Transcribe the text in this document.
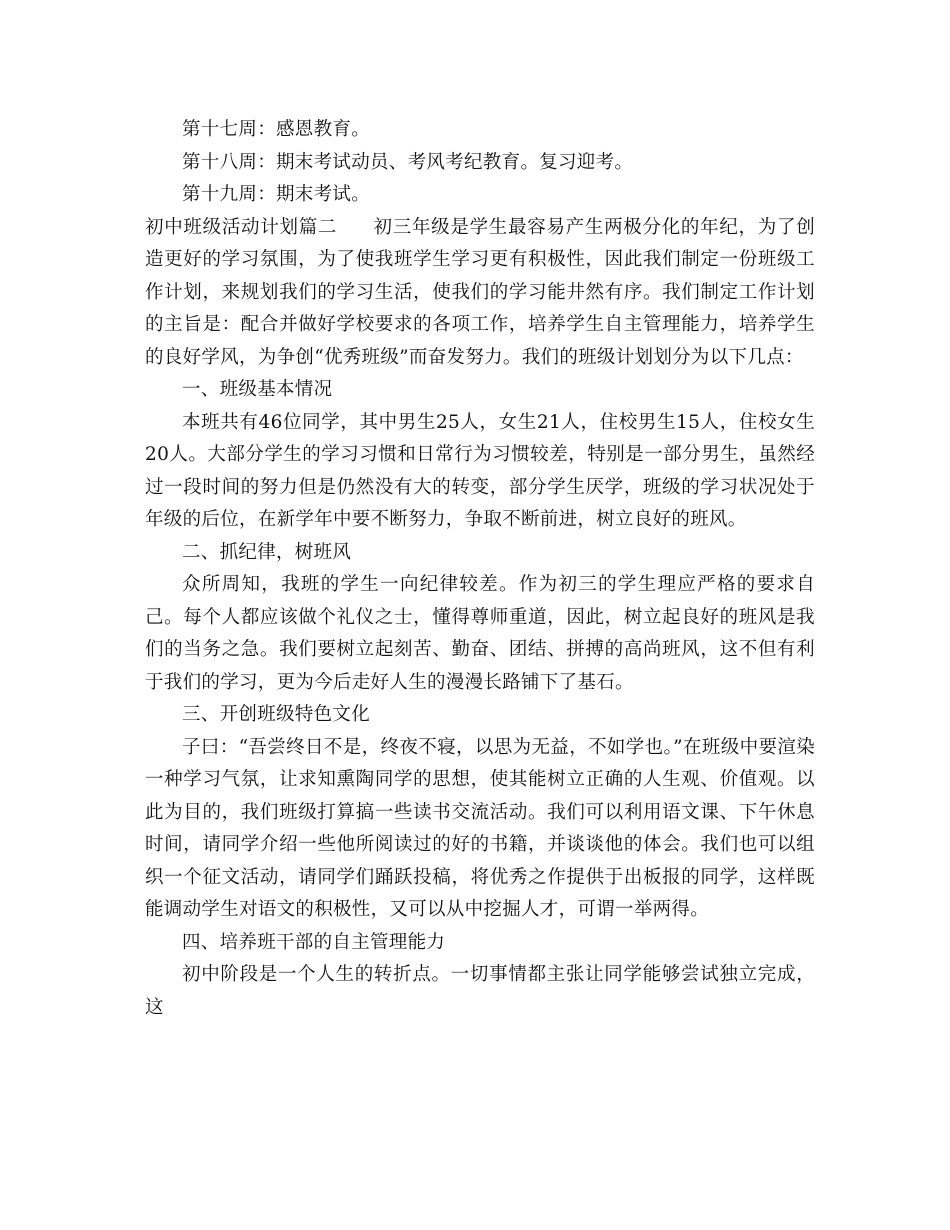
第十七周：感恩教育。

第十八周：期末考试动员、考风考纪教育。复习迎考。

第十九周：期末考试。

初中班级活动计划篇二 初三年级是学生最容易产生两极分化的年纪，为了创造更好的学习氛围，为了使我班学生学习更有积极性，因此我们制定一份班级工作计划，来规划我们的学习生活，使我们的学习能井然有序。我们制定工作计划的主旨是：配合并做好学校要求的各项工作，培养学生自主管理能力，培养学生的良好学风，为争创“优秀班级”而奋发努力。我们的班级计划划分为以下几点：

一、班级基本情况

本班共有46位同学，其中男生25人，女生21人，住校男生15人，住校女生20人。大部分学生的学习习惯和日常行为习惯较差，特别是一部分男生，虽然经过一段时间的努力但是仍然没有大的转变，部分学生厌学，班级的学习状况处于年级的后位，在新学年中要不断努力，争取不断前进，树立良好的班风。

二、抓纪律，树班风

众所周知，我班的学生一向纪律较差。作为初三的学生理应严格的要求自己。每个人都应该做个礼仪之士，懂得尊师重道，因此，树立起良好的班风是我们的当务之急。我们要树立起刻苦、勤奋、团结、拼搏的高尚班风，这不但有利于我们的学习，更为今后走好人生的漫漫长路铺下了基石。

三、开创班级特色文化

子曰：“吾尝终日不是，终夜不寝，以思为无益，不如学也。”在班级中要渲染一种学习气氛，让求知熏陶同学的思想，使其能树立正确的人生观、价值观。以此为目的，我们班级打算搞一些读书交流活动。我们可以利用语文课、下午休息时间，请同学介绍一些他所阅读过的好的书籍，并谈谈他的体会。我们也可以组织一个征文活动，请同学们踊跃投稿，将优秀之作提供于出板报的同学，这样既能调动学生对语文的积极性，又可以从中挖掘人才，可谓一举两得。

四、培养班干部的自主管理能力

初中阶段是一个人生的转折点。一切事情都主张让同学能够尝试独立完成，这
